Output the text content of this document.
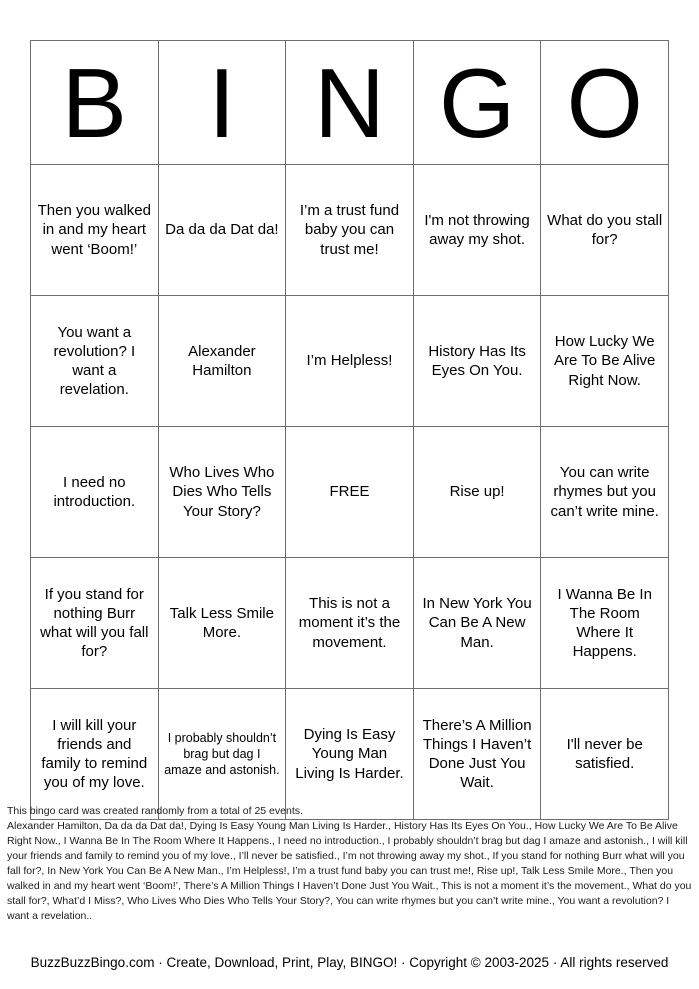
B	I	N	G	O
Then you walked in and my heart went ‘Boom!’	Da da da Dat da!	I’m a trust fund baby you can trust me!	I'm not throwing away my shot.	What do you stall for?
You want a revolution? I want a revelation.	Alexander Hamilton	I’m Helpless!	History Has Its Eyes On You.	How Lucky We Are To Be Alive Right Now.
I need no introduction.	Who Lives Who Dies Who Tells Your Story?	FREE	Rise up!	You can write rhymes but you can’t write mine.
If you stand for nothing Burr what will you fall for?	Talk Less Smile More.	This is not a moment it’s the movement.	In New York You Can Be A New Man.	I Wanna Be In The Room Where It Happens.
I will kill your friends and family to remind you of my love.	I probably shouldn’t brag but dag I amaze and astonish.	Dying Is Easy Young Man Living Is Harder.	There’s A Million Things I Haven’t Done Just You Wait.	I'll never be satisfied.
This bingo card was created randomly from a total of 25 events.
Alexander Hamilton, Da da da Dat da!, Dying Is Easy Young Man Living Is Harder., History Has Its Eyes On You., How Lucky We Are To Be Alive Right Now., I Wanna Be In The Room Where It Happens., I need no introduction., I probably shouldn’t brag but dag I amaze and astonish., I will kill your friends and family to remind you of my love., I’ll never be satisfied., I’m not throwing away my shot., If you stand for nothing Burr what will you fall for?, In New York You Can Be A New Man., I’m Helpless!, I’m a trust fund baby you can trust me!, Rise up!, Talk Less Smile More., Then you walked in and my heart went ‘Boom!’, There’s A Million Things I Haven’t Done Just You Wait., This is not a moment it’s the movement., What do you stall for?, What’d I Miss?, Who Lives Who Dies Who Tells Your Story?, You can write rhymes but you can’t write mine., You want a revolution? I want a revelation..
BuzzBuzzBingo.com · Create, Download, Print, Play, BINGO! · Copyright © 2003-2025 · All rights reserved
